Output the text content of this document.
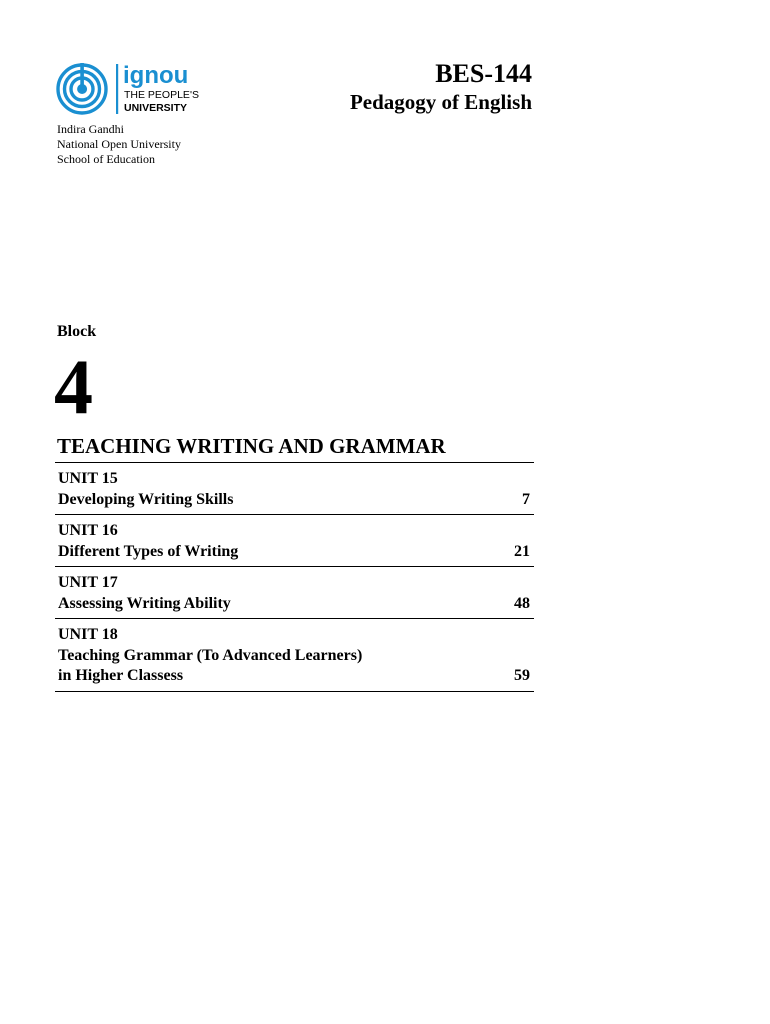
ignou
THE PEOPLE'S
UNIVERSITY
BES-144
Pedagogy of English
Indira Gandhi
National Open University
School of Education
Block
4
TEACHING WRITING AND GRAMMAR
UNIT 15
Developing Writing Skills	7
UNIT 16
Different Types of Writing	21
UNIT 17
Assessing Writing Ability	48
UNIT 18
Teaching Grammar (To Advanced Learners)
in Higher Classess	59
